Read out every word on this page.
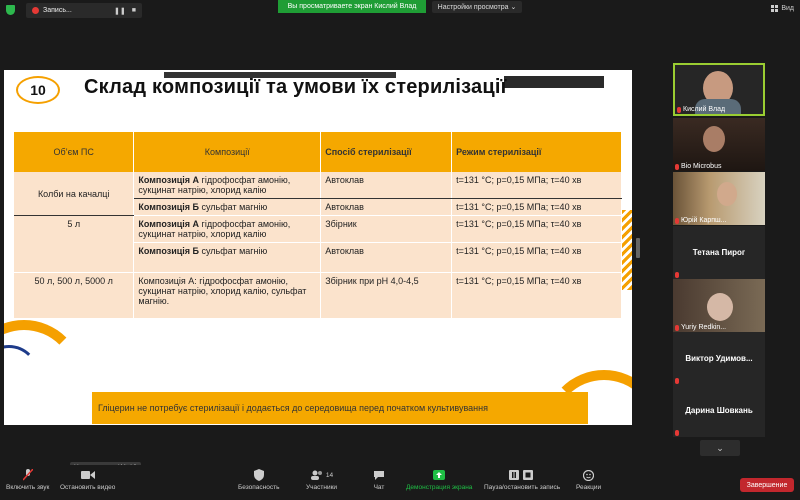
Запись...	❚❚ ■	Вы просматриваете экран Кислий Влад	Настройки просмотра ⌄	Вид
10	Склад композиції та умови їх стерилізації
Об’єм ПС	Композиції	Спосіб стерилізації	Режим стерилізації
Колби на качалці	Композиція А гідрофосфат амонію, сукцинат натрію, хлорид калію	Автоклав	t=131 °С; р=0,15 МПа; τ=40 хв
	Композиція Б сульфат магнію	Автоклав	t=131 °С; р=0,15 МПа; τ=40 хв
5 л	Композиція А гідрофосфат амонію, сукцинат натрію, хлорид калію	Збірник	t=131 °С; р=0,15 МПа; τ=40 хв
	Композиція Б сульфат магнію	Автоклав	t=131 °С; р=0,15 МПа; τ=40 хв
50 л, 500 л, 5000 л	Композиція А: гідрофосфат амонію, сукцинат натрію, хлорид калію, сульфат магнію.	Збірник при рН 4,0-4,5	t=131 °С; р=0,15 МПа; τ=40 хв
Гліцерин не потребує стерилізації і додається до середовища перед початком культивування
Кислий Влад
Bio Microbus
Юрій Карпш...
Тетана Пирог
Yuriy Redkin...
Виктор Удимов...
Дарина Шовкань
⌄
Включить звук Остановить видео	Безопасность
14
Участники	Чат	Демонстрация экрана Пауза/остановить запись Реакции	Завершение
